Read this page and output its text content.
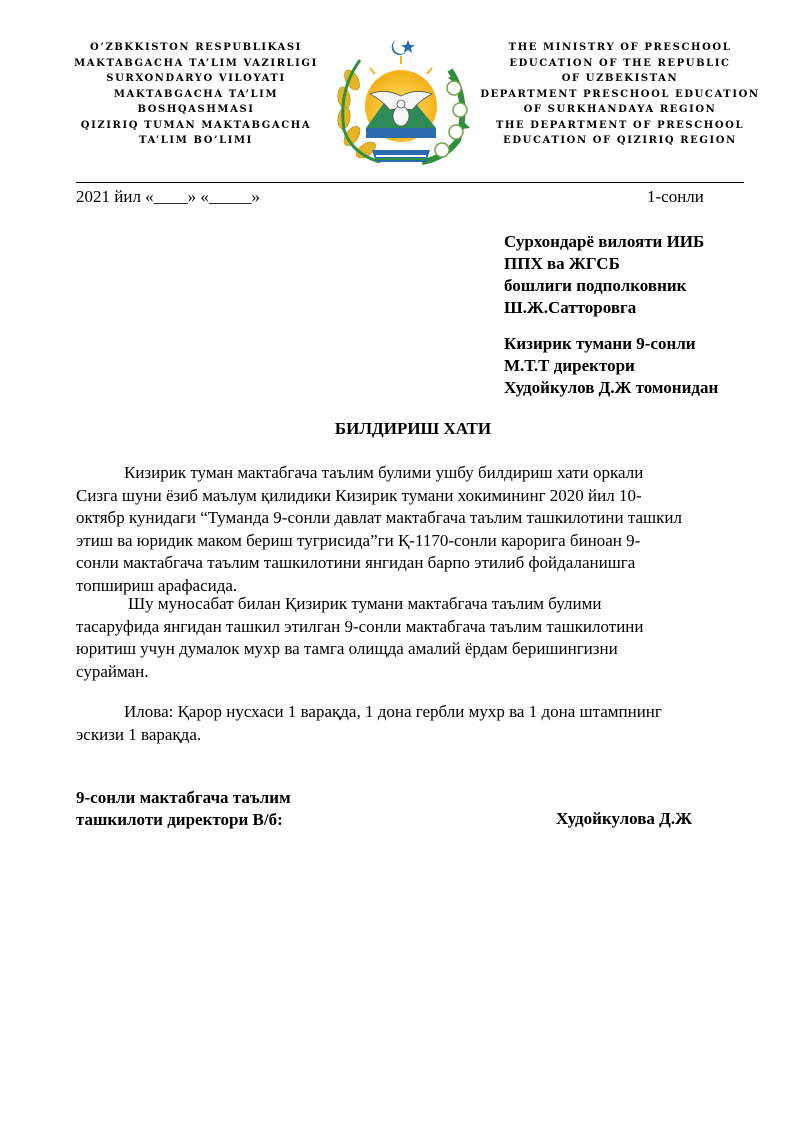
O’ZBKKISTON RESPUBLIKASI
MAKTABGACHA TA’LIM VAZIRLIGI
SURXONDARYO VILOYATI
MAKTABGACHA TA’LIM
BOSHQASHMASI
QIZIRIQ TUMAN MAKTABGACHA
TA’LIM BO’LIMI
THE MINISTRY OF PRESCHOOL
EDUCATION OF THE REPUBLIC
OF UZBEKISTAN
DEPARTMENT PRESCHOOL EDUCATION
OF SURKHANDAYA REGION
THE DEPARTMENT OF PRESCHOOL
EDUCATION OF QIZIRIQ REGION
2021 йил «____» «_____»	1-сонли
Сурхондарё вилояти ИИБ
ППХ ва ЖГСБ
бошлиги подполковник
Ш.Ж.Сатторовга
Кизирик тумани 9-сонли
М.Т.Т директори
Худойкулов Д.Ж томонидан
БИЛДИРИШ ХАТИ
Кизирик туман мактабгача таълим булими ушбу билдириш хати оркали
Сизга шуни ёзиб маълум қилидики Кизирик тумани хокимининг 2020 йил 10-
октябр кунидаги “Туманда 9-сонли давлат мактабгача таълим ташкилотини ташкил
этиш ва юридик маком бериш тугрисида”ги Қ-1170-сонли карорига биноан 9-
сонли мактабгача таълим ташкилотини янгидан барпо этилиб фойдаланишга
топшириш арафасида.
Шу муносабат билан Қизирик тумани мактабгача таълим булими
тасаруфида янгидан ташкил этилган 9-сонли мактабгача таълим ташкилотини
юритиш учун думалок мухр ва тамга олищда амалий ёрдам беришингизни
сурайман.
Илова: Қарор нусхаси 1 варақда, 1 дона гербли мухр ва 1 дона штампнинг
эскизи 1 варақда.
9-сонли мактабгача таълим
ташкилоти директори В/б:	Худойкулова Д.Ж
